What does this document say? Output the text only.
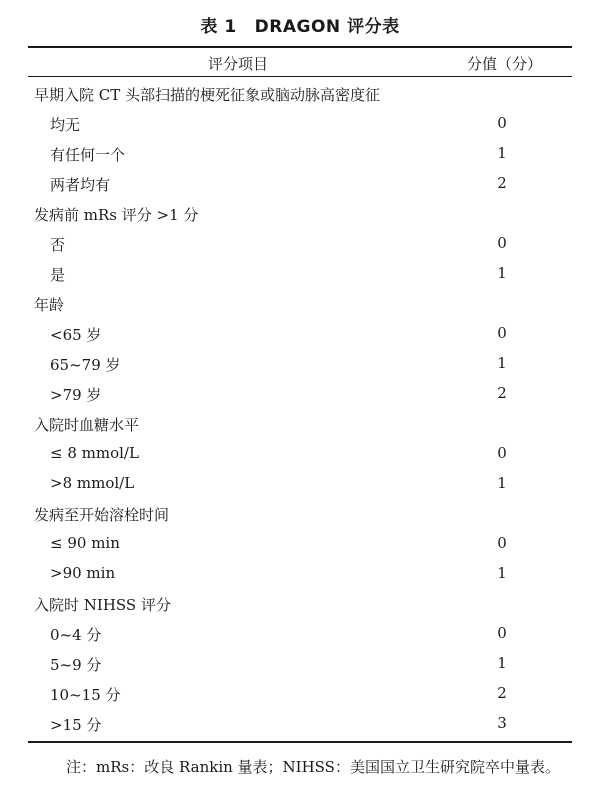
表 1 DRAGON 评分表
评分项目	分值（分）
早期入院 CT 头部扫描的梗死征象或脑动脉高密度征
均无	0
有任何一个	1
两者均有	2
发病前 mRs 评分 >1 分
否	0
是	1
年龄
<65 岁	0
65~79 岁	1
>79 岁	2
入院时血糖水平
≤ 8 mmol/L	0
>8 mmol/L	1
发病至开始溶栓时间
≤ 90 min	0
>90 min	1
入院时 NIHSS 评分
0~4 分	0
5~9 分	1
10~15 分	2
>15 分	3
注：mRs：改良 Rankin 量表；NIHSS：美国国立卫生研究院卒中量表。
